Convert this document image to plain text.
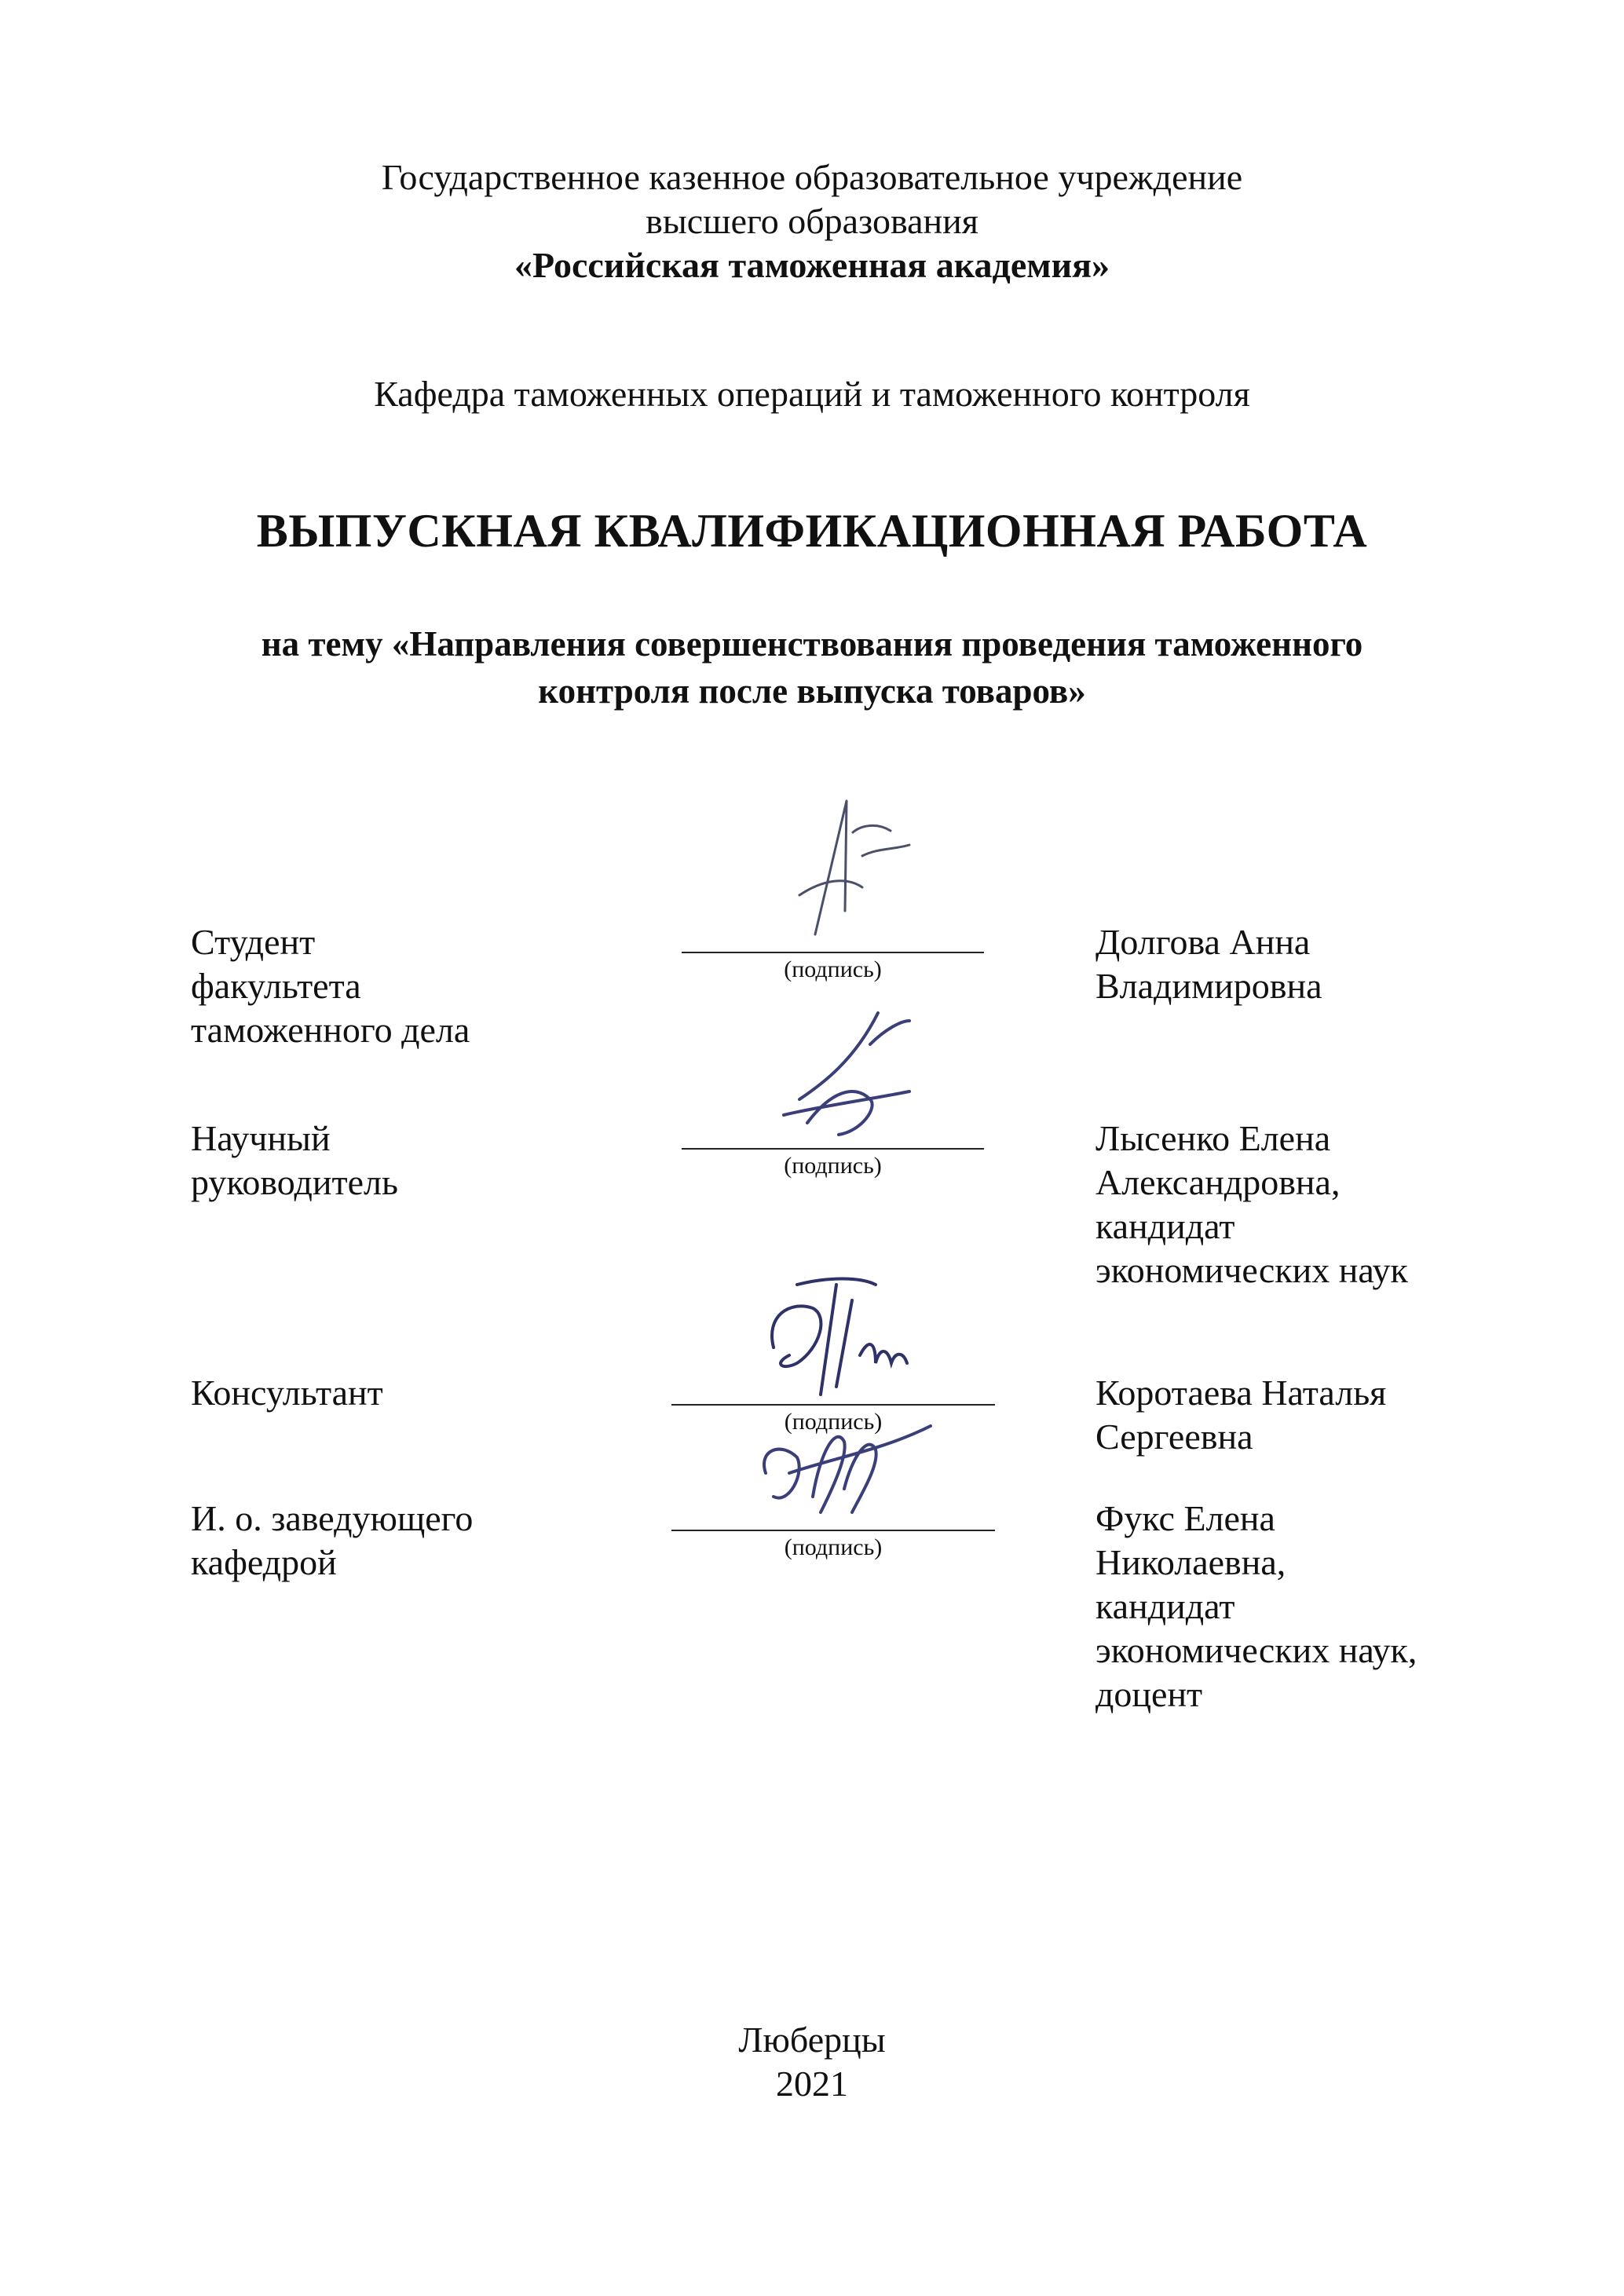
Государственное казенное образовательное учреждение
высшего образования
«Российская таможенная академия»
Кафедра таможенных операций и таможенного контроля
ВЫПУСКНАЯ КВАЛИФИКАЦИОННАЯ РАБОТА
на тему «Направления совершенствования проведения таможенного
контроля после выпуска товаров»
Студент
факультета
таможенного дела
(подпись)
Долгова Анна
Владимировна
Научный
руководитель	(подпись)
Лысенко Елена
Александровна,
кандидат
экономических наук
Консультант
(подпись)
Коротаева Наталья
Сергеевна
И. о. заведующего
кафедрой	(подпись)
Фукс Елена
Николаевна,
кандидат
экономических наук,
доцент
Люберцы
2021
